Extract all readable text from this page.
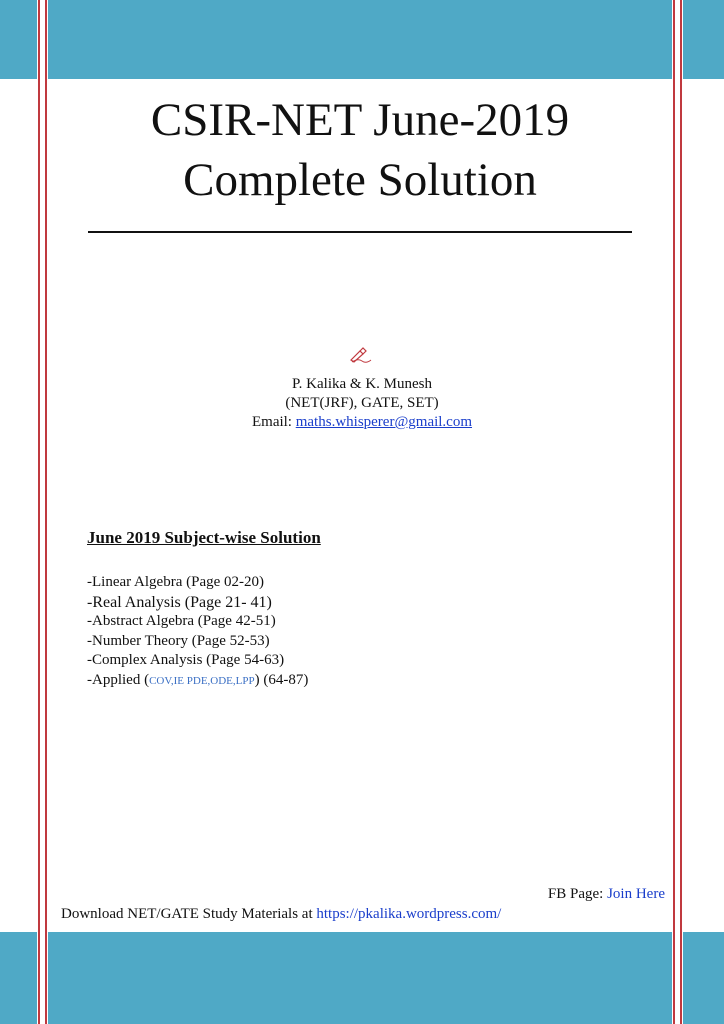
CSIR-NET June-2019
Complete Solution
P. Kalika & K. Munesh
(NET(JRF), GATE, SET)
Email: maths.whisperer@gmail.com
June 2019 Subject-wise Solution
-Linear Algebra (Page 02-20)
-Real Analysis (Page 21- 41)
-Abstract Algebra (Page 42-51)
-Number Theory (Page 52-53)
-Complex Analysis (Page 54-63)
-Applied (COV,IE PDE,ODE,LPP) (64-87)
FB Page: Join Here
Download NET/GATE Study Materials at https://pkalika.wordpress.com/
